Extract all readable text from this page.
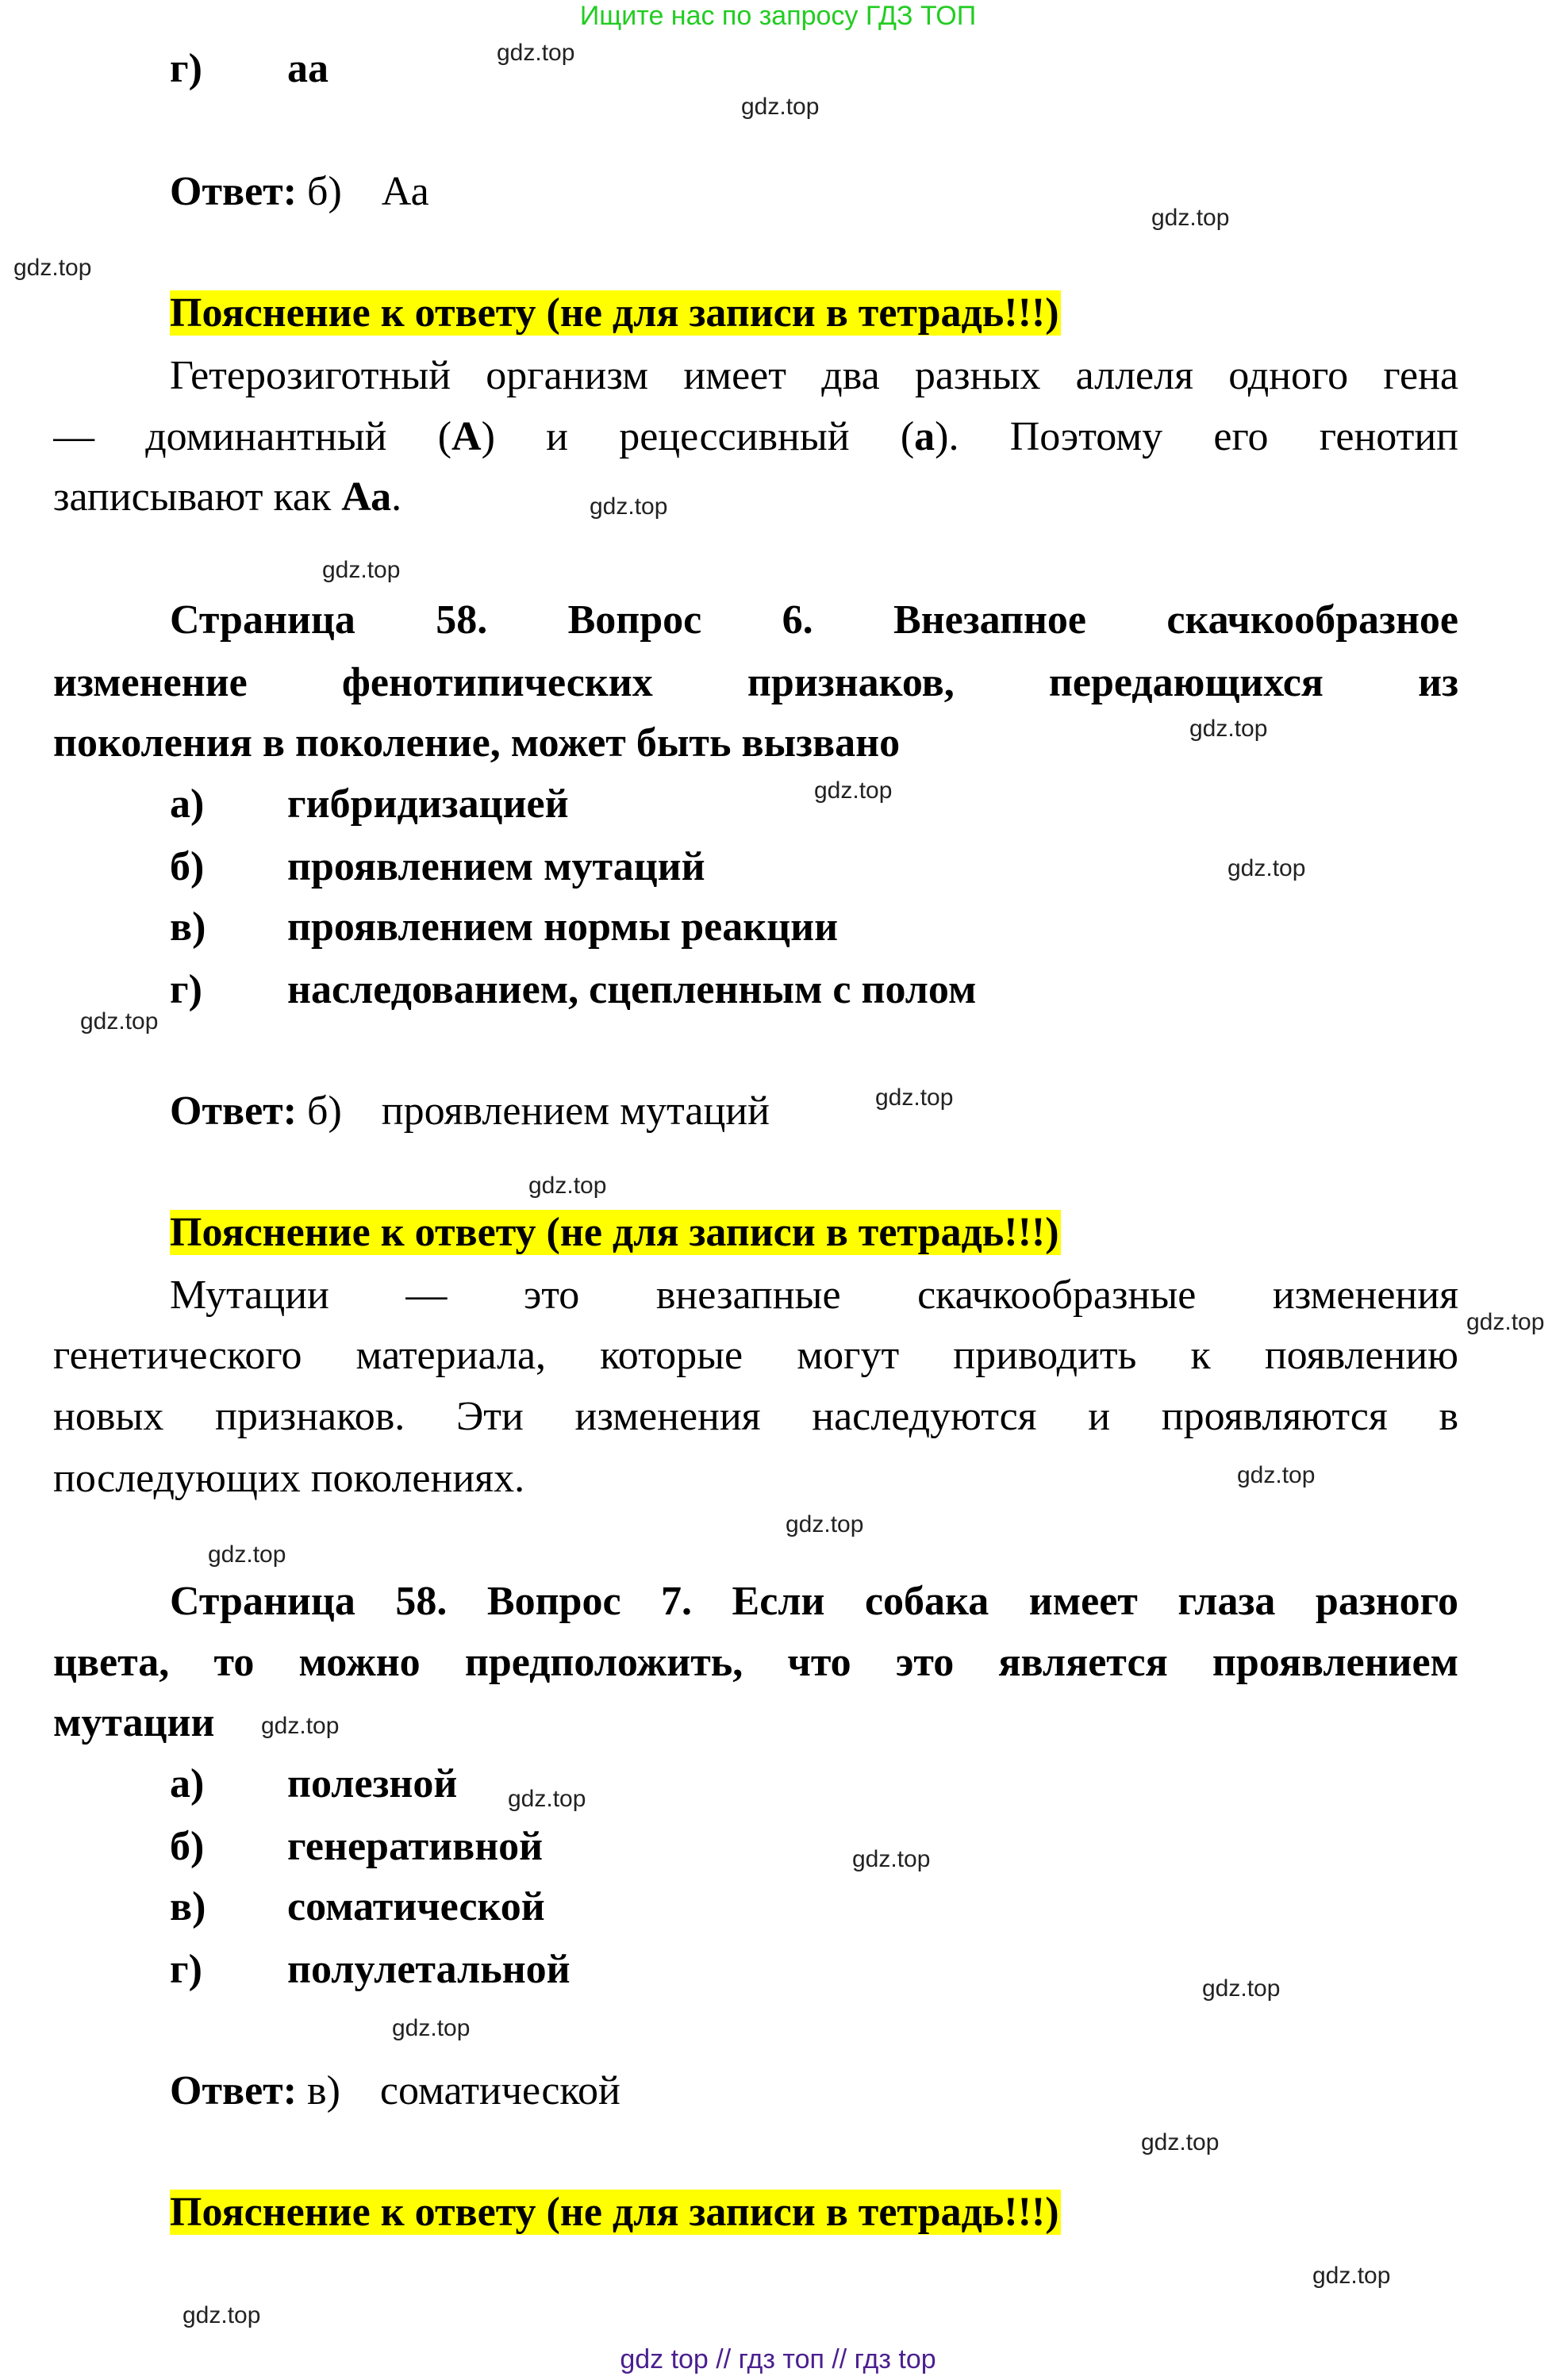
Ищите нас по запросу ГДЗ ТОП
г) аа
Ответ: б) Аа
Пояснение к ответу (не для записи в тетрадь!!!)
Гетерозиготный организм имеет два разных аллеля одного гена
— доминантный (А) и рецессивный (а). Поэтому его генотип
записывают как Аа.
Страница 58. Вопрос 6. Внезапное скачкообразное
изменение фенотипических признаков, передающихся из
поколения в поколение, может быть вызвано
а) гибридизацией
б) проявлением мутаций
в) проявлением нормы реакции
г) наследованием, сцепленным с полом
Ответ: б) проявлением мутаций
Пояснение к ответу (не для записи в тетрадь!!!)
Мутации — это внезапные скачкообразные изменения
генетического материала, которые могут приводить к появлению
новых признаков. Эти изменения наследуются и проявляются в
последующих поколениях.
Страница 58. Вопрос 7. Если собака имеет глаза разного
цвета, то можно предположить, что это является проявлением
мутации
а) полезной
б) генеративной
в) соматической
г) полулетальной
Ответ: в) соматической
Пояснение к ответу (не для записи в тетрадь!!!)
gdz.top
gdz.top
gdz.top
gdz.top
gdz.top
gdz.top
gdz.top
gdz.top
gdz.top
gdz.top
gdz.top
gdz.top
gdz.top
gdz.top
gdz.top
gdz.top
gdz.top
gdz.top
gdz.top
gdz.top
gdz.top
gdz.top
gdz.top
gdz.top
gdz top // гдз топ // гдз top
